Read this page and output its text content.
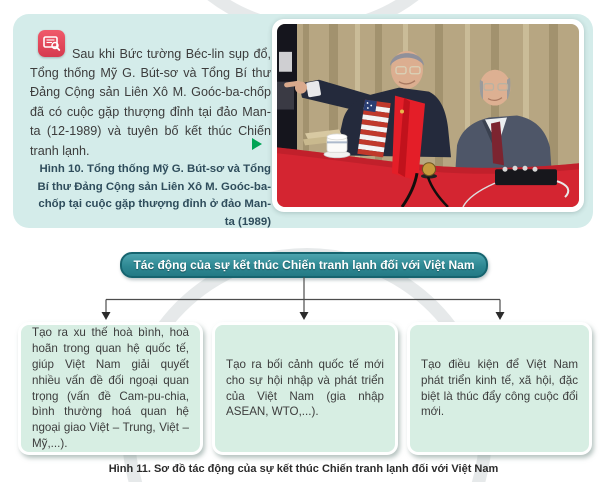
Sau khi Bức tường Béc-lin sụp đổ, Tổng thống Mỹ G. Bút-sơ và Tổng Bí thư Đảng Cộng sản Liên Xô M. Goóc-ba-chốp đã có cuộc gặp thượng đỉnh tại đảo Man-ta (12-1989) và tuyên bố kết thúc Chiến tranh lạnh.

Hình 10. Tổng thống Mỹ G. Bút-sơ và Tổng Bí thư Đảng Cộng sản Liên Xô M. Goóc-ba-chốp tại cuộc gặp thượng đỉnh ở đảo Man-ta (1989)
Tác động của sự kết thúc Chiến tranh lạnh đối với Việt Nam
Tạo ra xu thế hoà bình, hoà hoãn trong quan hệ quốc tế, giúp Việt Nam giải quyết nhiều vấn đề đối ngoại quan trọng (vấn đề Cam-pu-chia, bình thường hoá quan hệ ngoại giao Việt – Trung, Việt – Mỹ,...).
Tạo ra bối cảnh quốc tế mới cho sự hội nhập và phát triển của Việt Nam (gia nhập ASEAN, WTO,...).
Tạo điều kiện để Việt Nam phát triển kinh tế, xã hội, đặc biệt là thúc đẩy công cuộc đổi mới.
Hình 11. Sơ đồ tác động của sự kết thúc Chiến tranh lạnh đối với Việt Nam
